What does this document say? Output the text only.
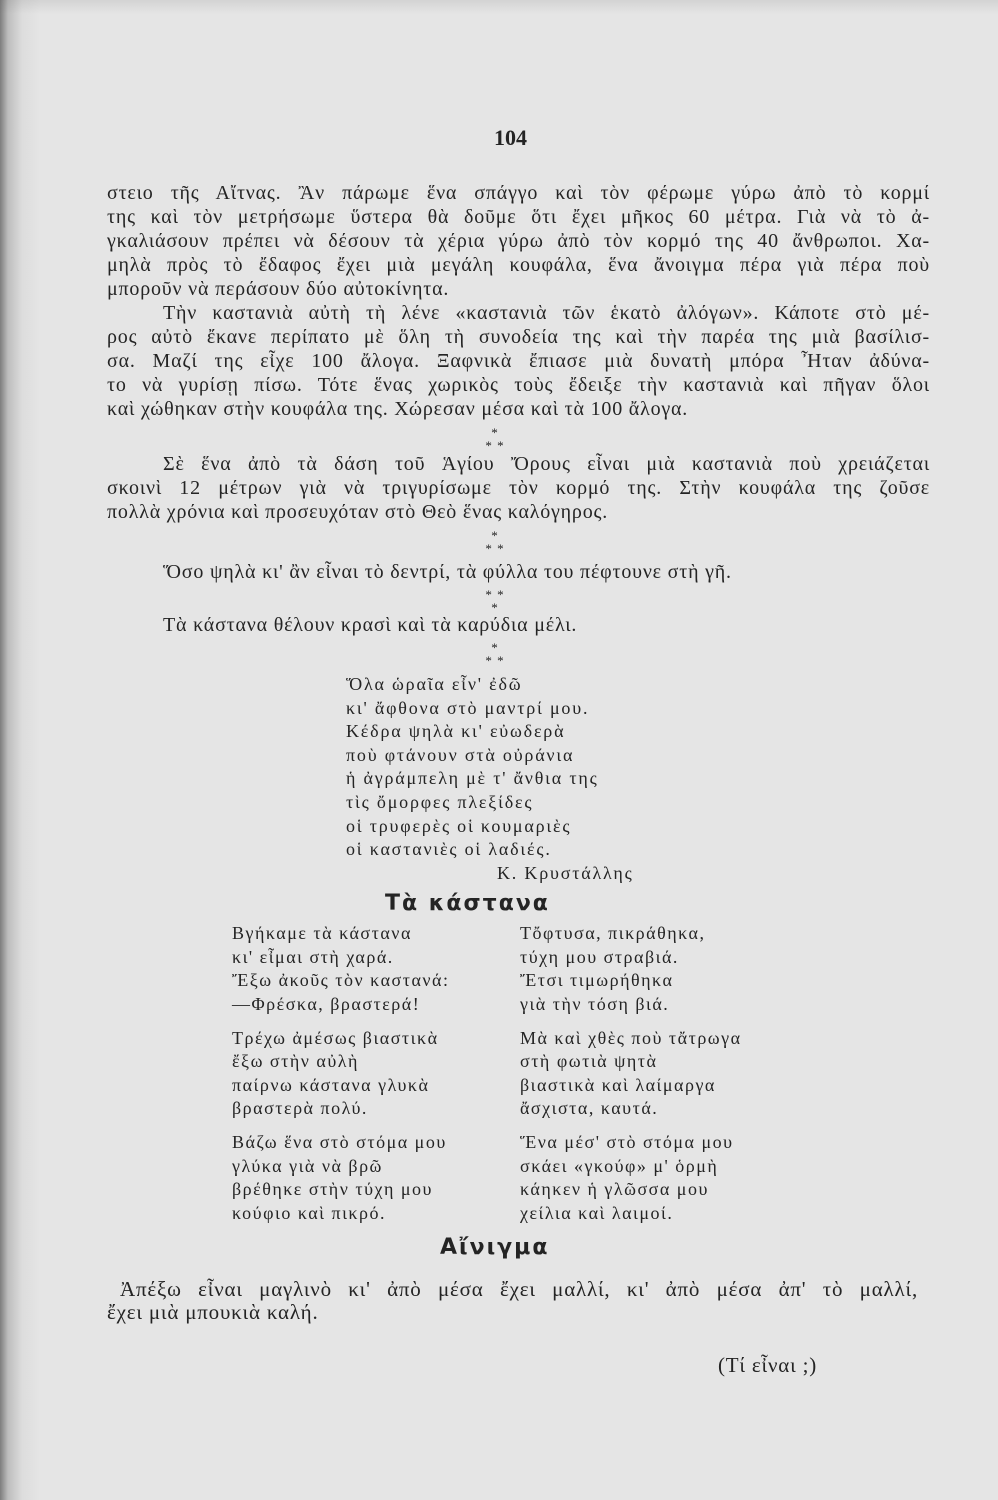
104
στειο τῆς Αἴτνας. Ἂν πάρωμε ἕνα σπάγγο καὶ τὸν φέρωμε γύρω ἀπὸ τὸ κορμί
της καὶ τὸν μετρήσωμε ὕστερα θὰ δοῦμε ὅτι ἔχει μῆκος 60 μέτρα. Γιὰ νὰ τὸ ἀ-
γκαλιάσουν πρέπει νὰ δέσουν τὰ χέρια γύρω ἀπὸ τὸν κορμό της 40 ἄνθρωποι. Χα-
μηλὰ πρὸς τὸ ἔδαφος ἔχει μιὰ μεγάλη κουφάλα, ἕνα ἄνοιγμα πέρα γιὰ πέρα ποὺ
μποροῦν νὰ περάσουν δύο αὐτοκίνητα.
Τὴν καστανιὰ αὐτὴ τὴ λένε «καστανιὰ τῶν ἑκατὸ ἀλόγων». Κάποτε στὸ μέ-
ρος αὐτὸ ἔκανε περίπατο μὲ ὅλη τὴ συνοδεία της καὶ τὴν παρέα της μιὰ βασίλισ-
σα. Μαζί της εἶχε 100 ἄλογα. Ξαφνικὰ ἔπιασε μιὰ δυνατὴ μπόρα Ἦταν ἀδύνα-
το νὰ γυρίσῃ πίσω. Τότε ἕνας χωρικὸς τοὺς ἔδειξε τὴν καστανιὰ καὶ πῆγαν ὅλοι
καὶ χώθηκαν στὴν κουφάλα της. Χώρεσαν μέσα καὶ τὰ 100 ἄλογα.
*
* *
Σὲ ἕνα ἀπὸ τὰ δάση τοῦ Ἁγίου Ὄρους εἶναι μιὰ καστανιὰ ποὺ χρειάζεται
σκοινὶ 12 μέτρων γιὰ νὰ τριγυρίσωμε τὸν κορμό της. Στὴν κουφάλα της ζοῦσε
πολλὰ χρόνια καὶ προσευχόταν στὸ Θεὸ ἕνας καλόγηρος.
*
* *
Ὅσο ψηλὰ κι' ἂν εἶναι τὸ δεντρί, τὰ φύλλα του πέφτουνε στὴ γῆ.
* *
*
Τὰ κάστανα θέλουν κρασὶ καὶ τὰ καρύδια μέλι.
*
* *
Ὅλα ὡραῖα εἶν' ἐδῶ
κι' ἄφθονα στὸ μαντρί μου.
Κέδρα ψηλὰ κι' εὐωδερὰ
ποὺ φτάνουν στὰ οὐράνια
ἡ ἀγράμπελη μὲ τ' ἄνθια της
τὶς ὄμορφες πλεξίδες
οἱ τρυφερὲς οἱ κουμαριὲς
οἱ καστανιὲς οἱ λαδιές.
Κ. Κρυστάλλης
Τὰ κάστανα
Βγήκαμε τὰ κάστανα
κι' εἶμαι στὴ χαρά.
Ἔξω ἀκοῦς τὸν καστανά:
—Φρέσκα, βραστερά!
Τρέχω ἀμέσως βιαστικὰ
ἔξω στὴν αὐλὴ
παίρνω κάστανα γλυκὰ
βραστερὰ πολύ.
Βάζω ἕνα στὸ στόμα μου
γλύκα γιὰ νὰ βρῶ
βρέθηκε στὴν τύχη μου
κούφιο καὶ πικρό.
Τὄφτυσα, πικράθηκα,
τύχη μου στραβιά.
Ἔτσι τιμωρήθηκα
γιὰ τὴν τόση βιά.
Μὰ καὶ χθὲς ποὺ τἄτρωγα
στὴ φωτιὰ ψητὰ
βιαστικὰ καὶ λαίμαργα
ἄσχιστα, καυτά.
Ἕνα μέσ' στὸ στόμα μου
σκάει «γκούφ» μ' ὁρμὴ
κάηκεν ἡ γλῶσσα μου
χείλια καὶ λαιμοί.
Αἴνιγμα
Ἀπέξω εἶναι μαγλινὸ κι' ἀπὸ μέσα ἔχει μαλλί, κι' ἀπὸ μέσα ἀπ' τὸ μαλλί,
ἔχει μιὰ μπουκιὰ καλή.
(Τί εἶναι ;)
